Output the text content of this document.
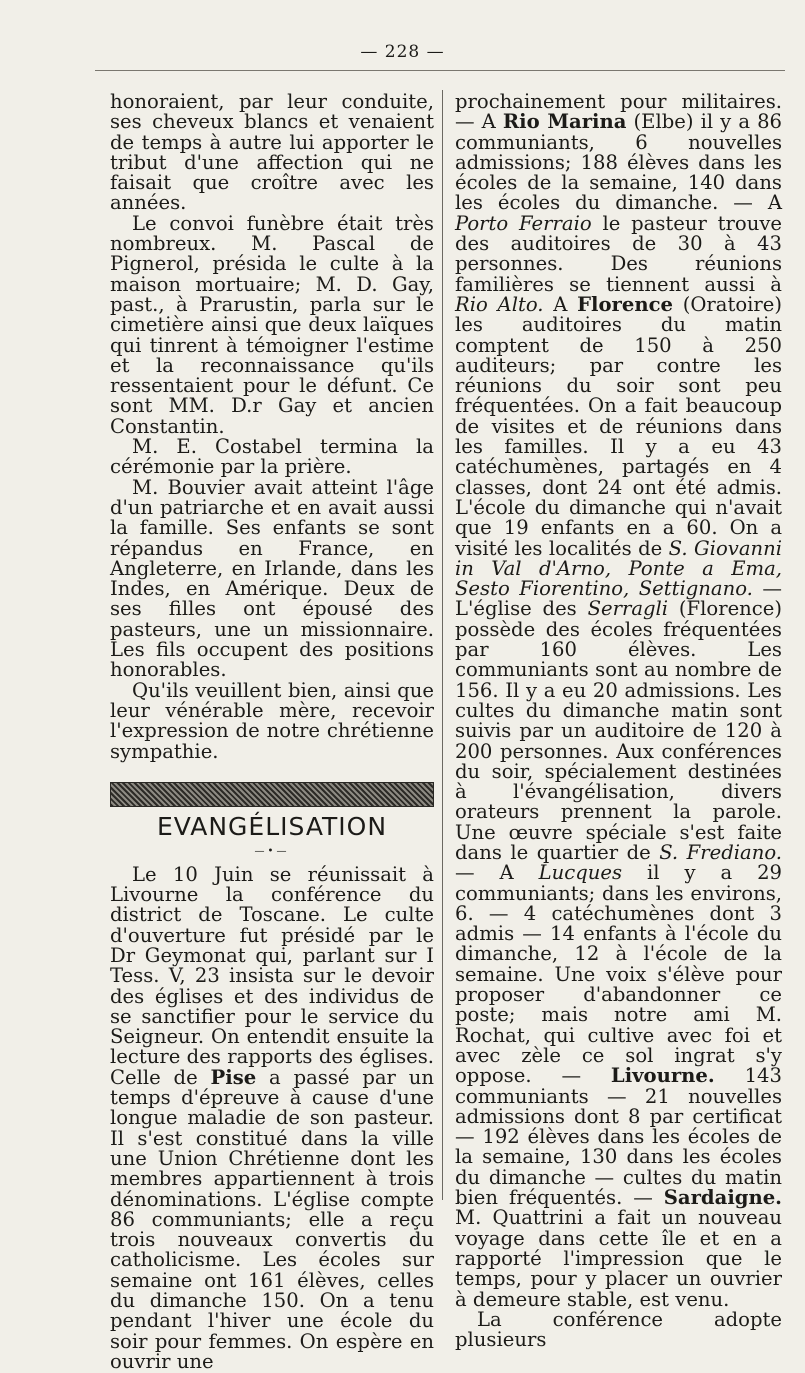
— 228 —

honoraient, par leur conduite, ses cheveux blancs et venaient de temps à autre lui apporter le tribut d'une affection qui ne faisait que croître avec les années.

Le convoi funèbre était très nombreux. M. Pascal de Pignerol, présida le culte à la maison mortuaire; M. D. Gay, past., à Prarustin, parla sur le cimetière ainsi que deux laïques qui tinrent à témoigner l'estime et la reconnaissance qu'ils ressentaient pour le défunt. Ce sont MM. D.r Gay et ancien Constantin.

M. E. Costabel termina la cérémonie par la prière.

M. Bouvier avait atteint l'âge d'un patriarche et en avait aussi la famille. Ses enfants se sont répandus en France, en Angleterre, en Irlande, dans les Indes, en Amérique. Deux de ses filles ont épousé des pasteurs, une un missionnaire. Les fils occupent des positions honorables.

Qu'ils veuillent bien, ainsi que leur vénérable mère, recevoir l'expression de notre chrétienne sympathie.

EVANGÉLISATION
—•—

Le 10 Juin se réunissait à Livourne la conférence du district de Toscane. Le culte d'ouverture fut présidé par le Dr Geymonat qui, parlant sur I Tess. V, 23 insista sur le devoir des églises et des individus de se sanctifier pour le service du Seigneur. On entendit ensuite la lecture des rapports des églises. Celle de Pise a passé par un temps d'épreuve à cause d'une longue maladie de son pasteur. Il s'est constitué dans la ville une Union Chrétienne dont les membres appartiennent à trois dénominations. L'église compte 86 communiants; elle a reçu trois nouveaux convertis du catholicisme. Les écoles sur semaine ont 161 élèves, celles du dimanche 150. On a tenu pendant l'hiver une école du soir pour femmes. On espère en ouvrir une

prochainement pour militaires. — A Rio Marina (Elbe) il y a 86 communiants, 6 nouvelles admissions; 188 élèves dans les écoles de la semaine, 140 dans les écoles du dimanche. — A Porto Ferraio le pasteur trouve des auditoires de 30 à 43 personnes. Des réunions familières se tiennent aussi à Rio Alto. A Florence (Oratoire) les auditoires du matin comptent de 150 à 250 auditeurs; par contre les réunions du soir sont peu fréquentées. On a fait beaucoup de visites et de réunions dans les familles. Il y a eu 43 catéchumènes, partagés en 4 classes, dont 24 ont été admis. L'école du dimanche qui n'avait que 19 enfants en a 60. On a visité les localités de S. Giovanni in Val d'Arno, Ponte a Ema, Sesto Fiorentino, Settignano. — L'église des Serragli (Florence) possède des écoles fréquentées par 160 élèves. Les communiants sont au nombre de 156. Il y a eu 20 admissions. Les cultes du dimanche matin sont suivis par un auditoire de 120 à 200 personnes. Aux conférences du soir, spécialement destinées à l'évangélisation, divers orateurs prennent la parole. Une œuvre spéciale s'est faite dans le quartier de S. Frediano. — A Lucques il y a 29 communiants; dans les environs, 6. — 4 catéchumènes dont 3 admis — 14 enfants à l'école du dimanche, 12 à l'école de la semaine. Une voix s'élève pour proposer d'abandonner ce poste; mais notre ami M. Rochat, qui cultive avec foi et avec zèle ce sol ingrat s'y oppose. — Livourne. 143 communiants — 21 nouvelles admissions dont 8 par certificat — 192 élèves dans les écoles de la semaine, 130 dans les écoles du dimanche — cultes du matin bien fréquentés. — Sardaigne. M. Quattrini a fait un nouveau voyage dans cette île et en a rapporté l'impression que le temps, pour y placer un ouvrier à demeure stable, est venu.

La conférence adopte plusieurs
